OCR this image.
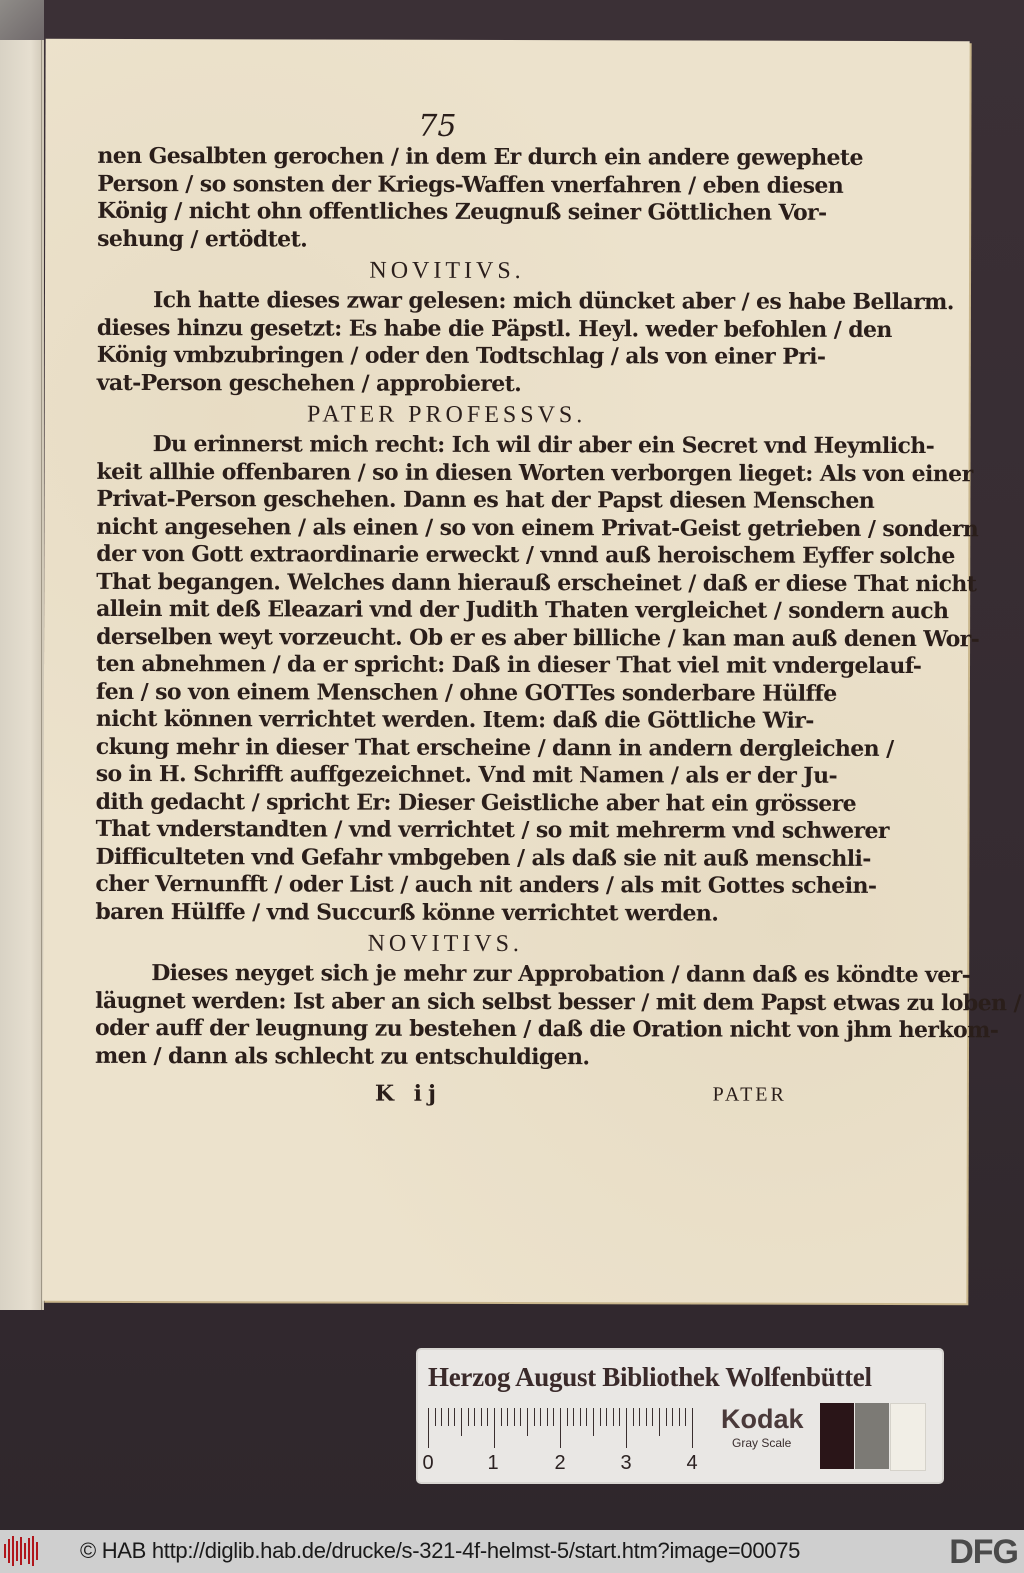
75
nen Gesalbten gerochen / in dem Er durch ein andere gewephete
Person / so sonsten der Kriegs-Waffen vnerfahren / eben diesen
König / nicht ohn offentliches Zeugnuß seiner Göttlichen Vor-
sehung / ertödtet.
NOVITIVS.
Ich hatte dieses zwar gelesen: mich düncket aber / es habe Bellarm.
dieses hinzu gesetzt: Es habe die Päpstl. Heyl. weder befohlen / den
König vmbzubringen / oder den Todtschlag / als von einer Pri-
vat-Person geschehen / approbieret.
PATER PROFESSVS.
Du erinnerst mich recht: Ich wil dir aber ein Secret vnd Heymlich-
keit allhie offenbaren / so in diesen Worten verborgen lieget: Als von einer
Privat-Person geschehen. Dann es hat der Papst diesen Menschen
nicht angesehen / als einen / so von einem Privat-Geist getrieben / sondern
der von Gott extraordinarie erweckt / vnnd auß heroischem Eyffer solche
That begangen. Welches dann hierauß erscheinet / daß er diese That nicht
allein mit deß Eleazari vnd der Judith Thaten vergleichet / sondern auch
derselben weyt vorzeucht. Ob er es aber billiche / kan man auß denen Wor-
ten abnehmen / da er spricht: Daß in dieser That viel mit vndergelauf-
fen / so von einem Menschen / ohne GOTTes sonderbare Hülffe
nicht können verrichtet werden. Item: daß die Göttliche Wir-
ckung mehr in dieser That erscheine / dann in andern dergleichen /
so in H. Schrifft auffgezeichnet. Vnd mit Namen / als er der Ju-
dith gedacht / spricht Er: Dieser Geistliche aber hat ein grössere
That vnderstandten / vnd verrichtet / so mit mehrerm vnd schwerer
Difficulteten vnd Gefahr vmbgeben / als daß sie nit auß menschli-
cher Vernunfft / oder List / auch nit anders / als mit Gottes schein-
baren Hülffe / vnd Succurß könne verrichtet werden.
NOVITIVS.
Dieses neyget sich je mehr zur Approbation / dann daß es köndte ver-
läugnet werden: Ist aber an sich selbst besser / mit dem Papst etwas zu loben /
oder auff der leugnung zu bestehen / daß die Oration nicht von jhm herkom-
men / dann als schlecht zu entschuldigen.
K ij	PATER
Herzog August Bibliothek Wolfenbüttel
0	1	2	3	4
Kodak
Gray Scale
© HAB http://diglib.hab.de/drucke/s-321-4f-helmst-5/start.htm?image=00075	DFG
